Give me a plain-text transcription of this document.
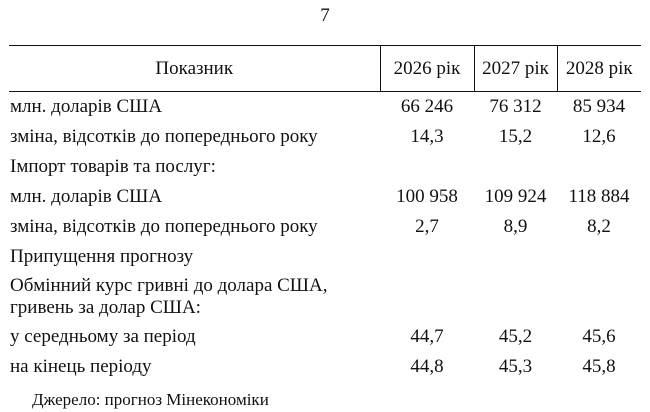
7
Показник	2026 рік	2027 рік	2028 рік
млн. доларів США	66 246	76 312	85 934
зміна, відсотків до попереднього року	14,3	15,2	12,6
Імпорт товарів та послуг:			
млн. доларів США	100 958	109 924	118 884
зміна, відсотків до попереднього року	2,7	8,9	8,2
Припущення прогнозу			
Обмінний курс гривні до долара США, гривень за долар США:			
у середньому за період	44,7	45,2	45,6
на кінець періоду	44,8	45,3	45,8
Джерело: прогноз Мінекономіки
